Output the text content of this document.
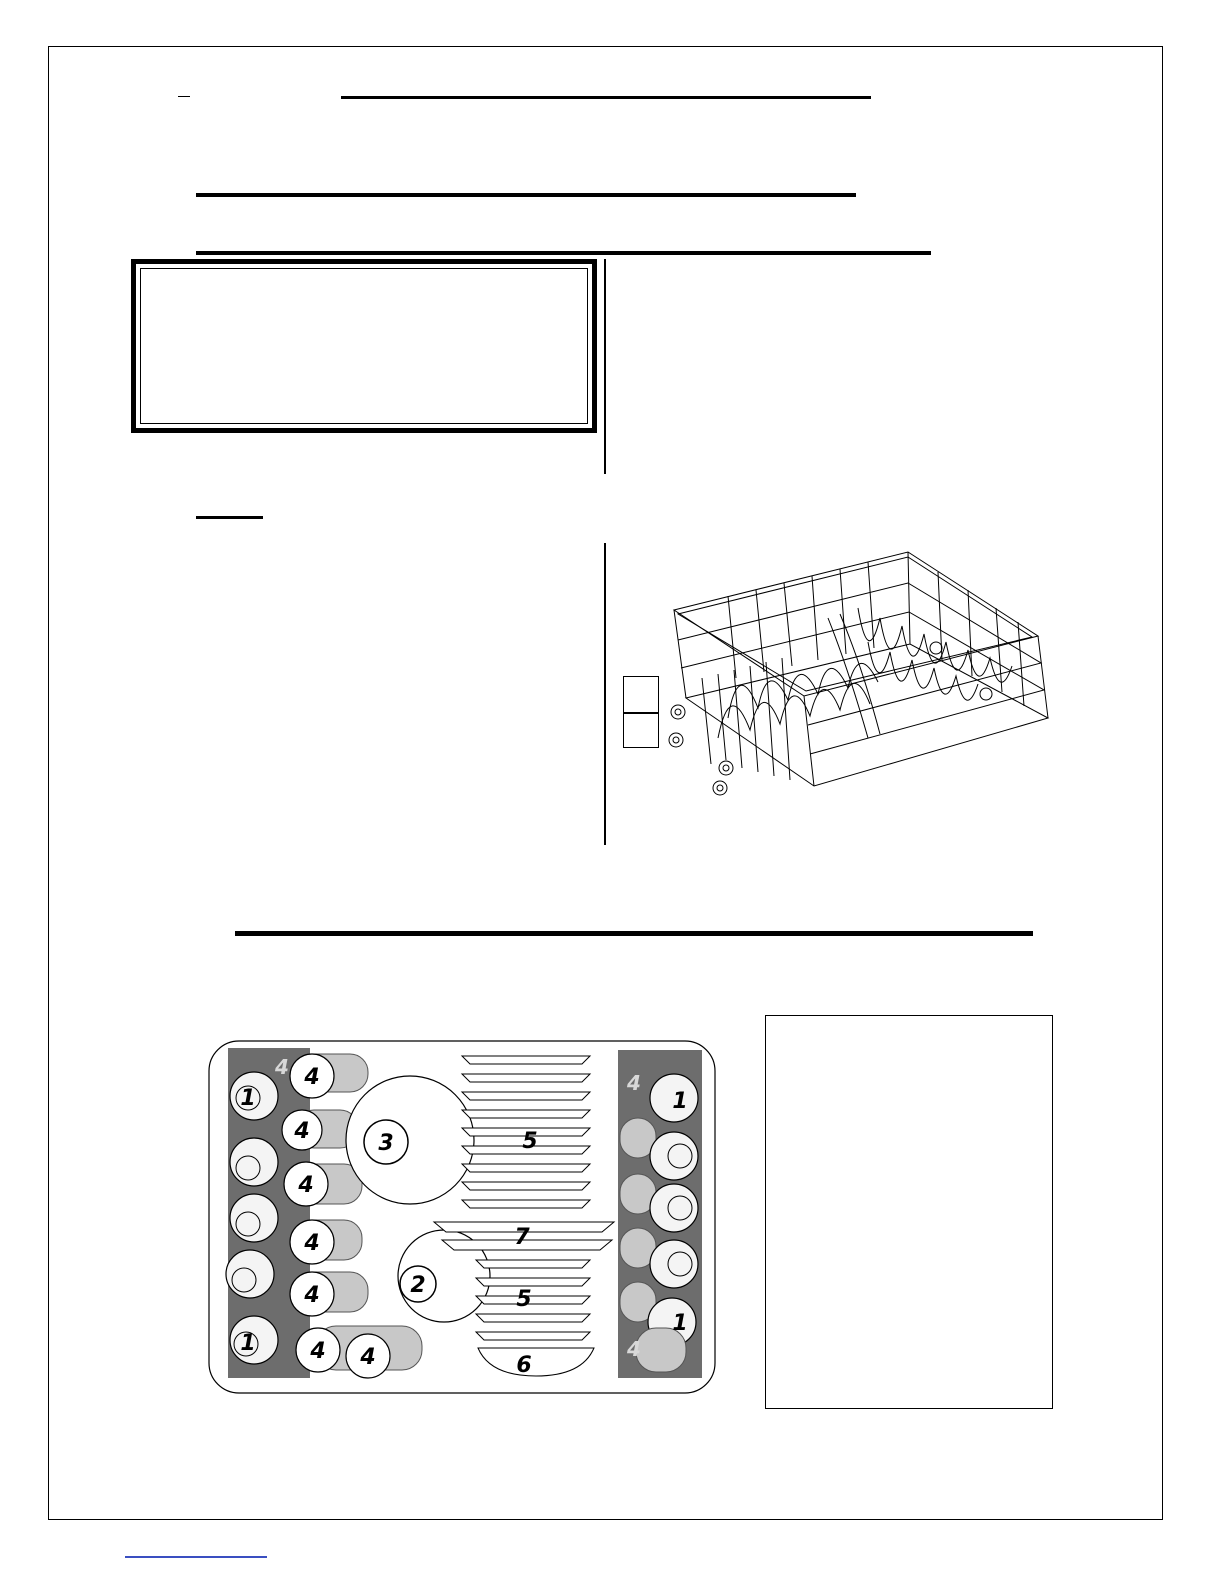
1
1
1
1
4
4
4
4
4
4 4
3
2
5
7
5
6
4
4
4
